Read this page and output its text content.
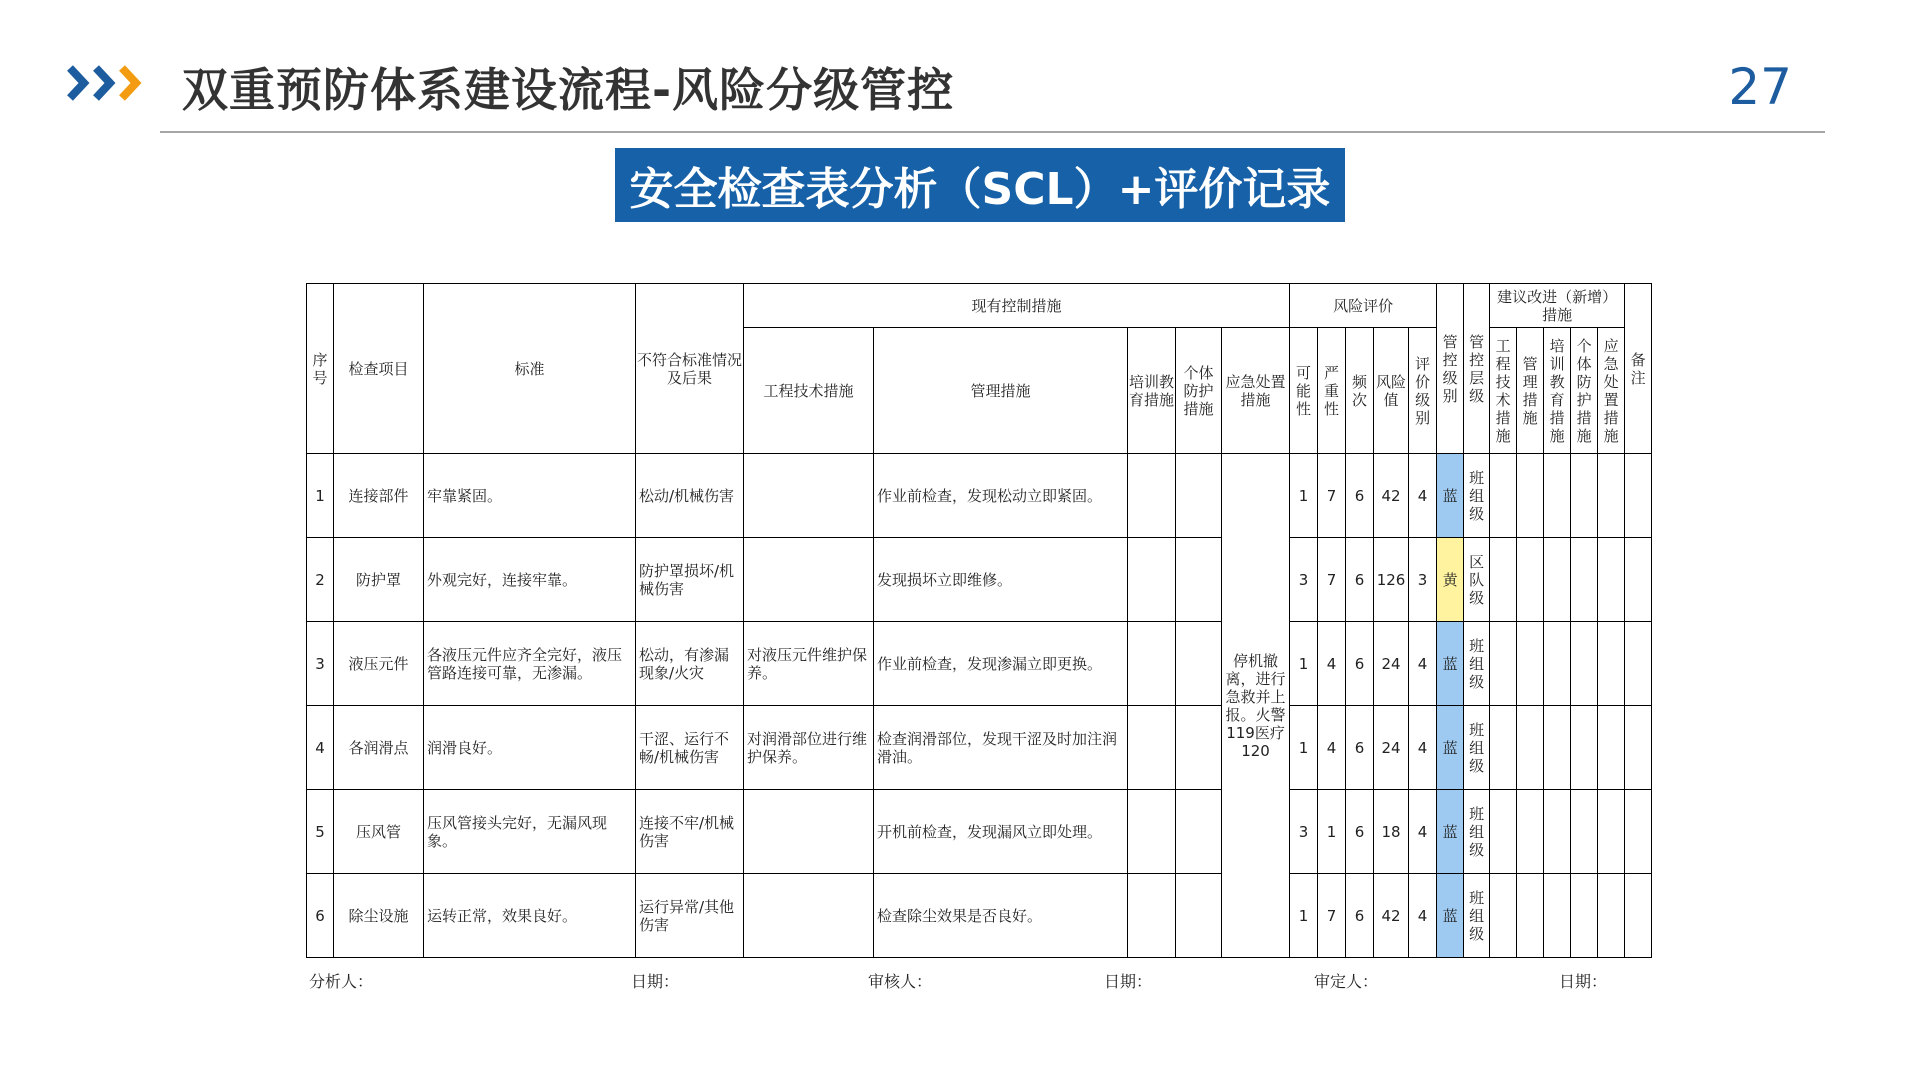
双重预防体系建设流程-风险分级管控	27
安全检查表分析（SCL）+评价记录
序号	检查项目	标准	不符合标准情况及后果	现有控制措施					风险评价					管控级别	管控层级	建议改进（新增）措施					备注
				工程技术措施	管理措施	培训教育措施	个体防护措施	应急处置措施	可能性	严重性	频次	风险值	评价级别			工程技术措施	管理措施	培训教育措施	个体防护措施	应急处置措施	
1	连接部件	牢靠紧固。	松动/机械伤害		作业前检查，发现松动立即紧固。			停机撤离，进行急救并上报。火警119医疗120	1	7	6	42	4	蓝	班组级						
2	防护罩	外观完好，连接牢靠。	防护罩损坏/机械伤害		发现损坏立即维修。				3	7	6	126	3	黄	区队级						
3	液压元件	各液压元件应齐全完好，液压管路连接可靠，无渗漏。	松动，有渗漏现象/火灾	对液压元件维护保养。	作业前检查，发现渗漏立即更换。				1	4	6	24	4	蓝	班组级						
4	各润滑点	润滑良好。	干涩、运行不畅/机械伤害	对润滑部位进行维护保养。	检查润滑部位，发现干涩及时加注润滑油。				1	4	6	24	4	蓝	班组级						
5	压风管	压风管接头完好，无漏风现象。	连接不牢/机械伤害		开机前检查，发现漏风立即处理。				3	1	6	18	4	蓝	班组级						
6	除尘设施	运转正常，效果良好。	运行异常/其他伤害		检查除尘效果是否良好。				1	7	6	42	4	蓝	班组级						
分析人：	日期：	审核人：	日期：	审定人：	日期：
